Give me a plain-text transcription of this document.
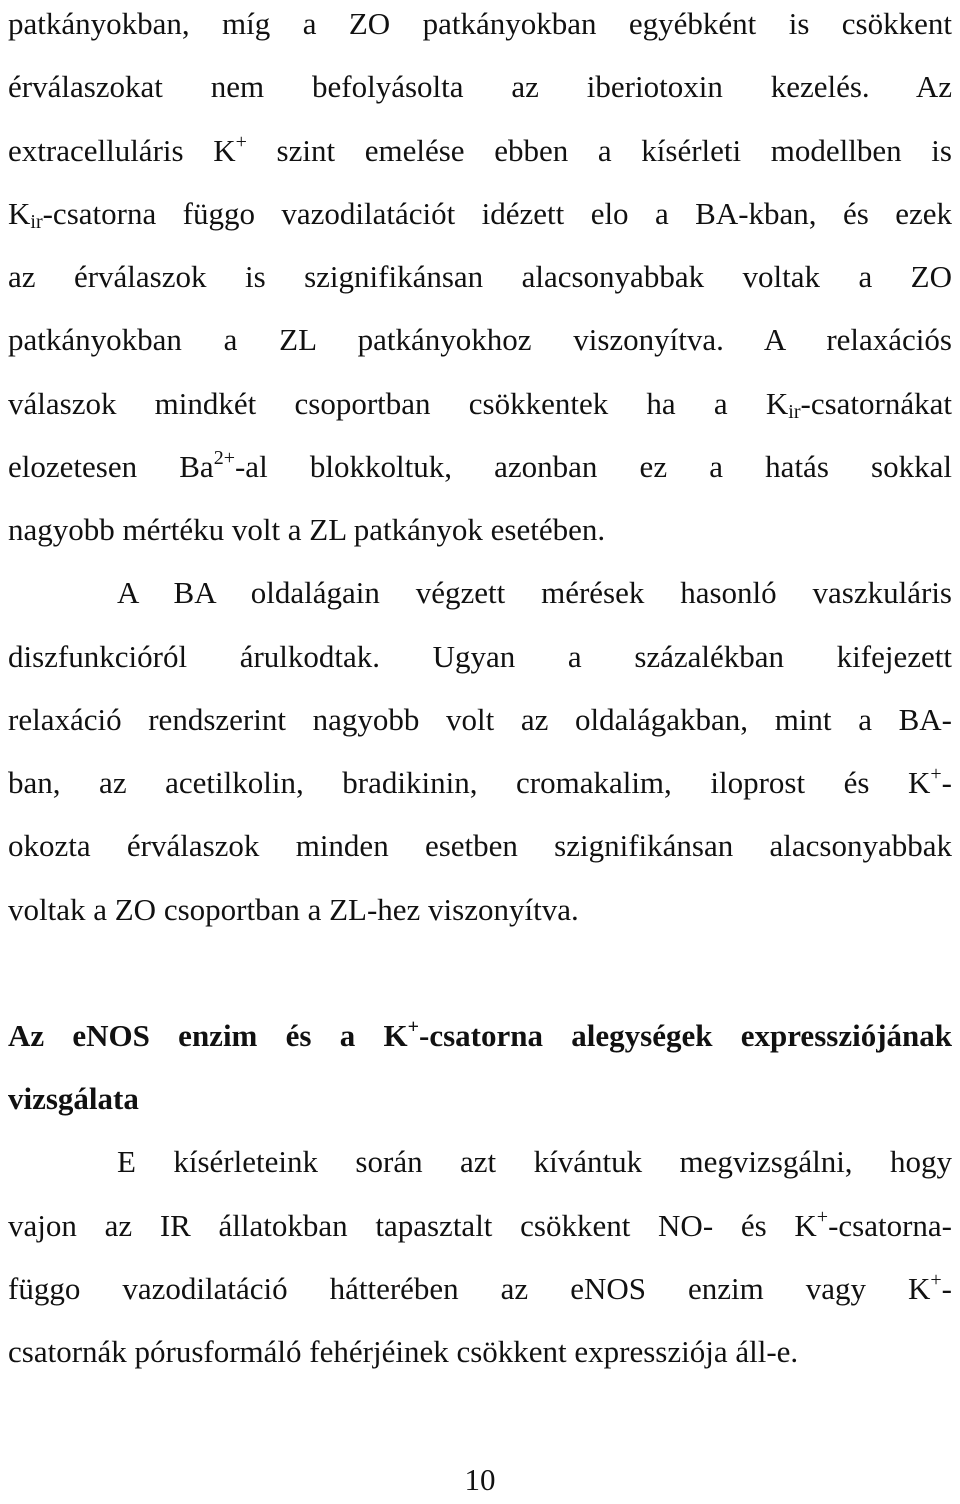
patkányokban, míg a ZO patkányokban egyébként is csökkent
érválaszokat nem befolyásolta az iberiotoxin kezelés. Az
extracelluláris K+ szint emelése ebben a kísérleti modellben is
$K_{ir}$-csatorna függo vazodilatációt idézett elo a BA-kban, és ezek
az érválaszok is szignifikánsan alacsonyabbak voltak a ZO
patkányokban a ZL patkányokhoz viszonyítva. A relaxációs
válaszok mindkét csoportban csökkentek ha a $K_{ir}$-csatornákat
elozetesen $Ba^{2+}-al$ blokkoltuk, azonban ez a hatás sokkal
nagyobb mértéku volt a ZL patkányok esetében.
A BA oldalágain végzett mérések hasonló vaszkuláris
diszfunkcióról árulkodtak. Ugyan a százalékban kifejezett
relaxáció rendszerint nagyobb volt az oldalágakban, mint a BA-
ban, az acetilkolin, bradikinin, cromakalim, iloprost és K+-
okozta érválaszok minden esetben szignifikánsan alacsonyabbak
voltak a ZO csoportban a ZL-hez viszonyítva.
Az eNOS enzim és a K+-csatorna alegységek expressziójának
vizsgálata
E kísérleteink során azt kívántuk megvizsgálni, hogy
vajon az IR állatokban tapasztalt csökkent NO- és K+-csatorna-
függo vazodilatáció hátterében az eNOS enzim vagy K+-
csatornák pórusformáló fehérjéinek csökkent expressziója áll-e.
10
